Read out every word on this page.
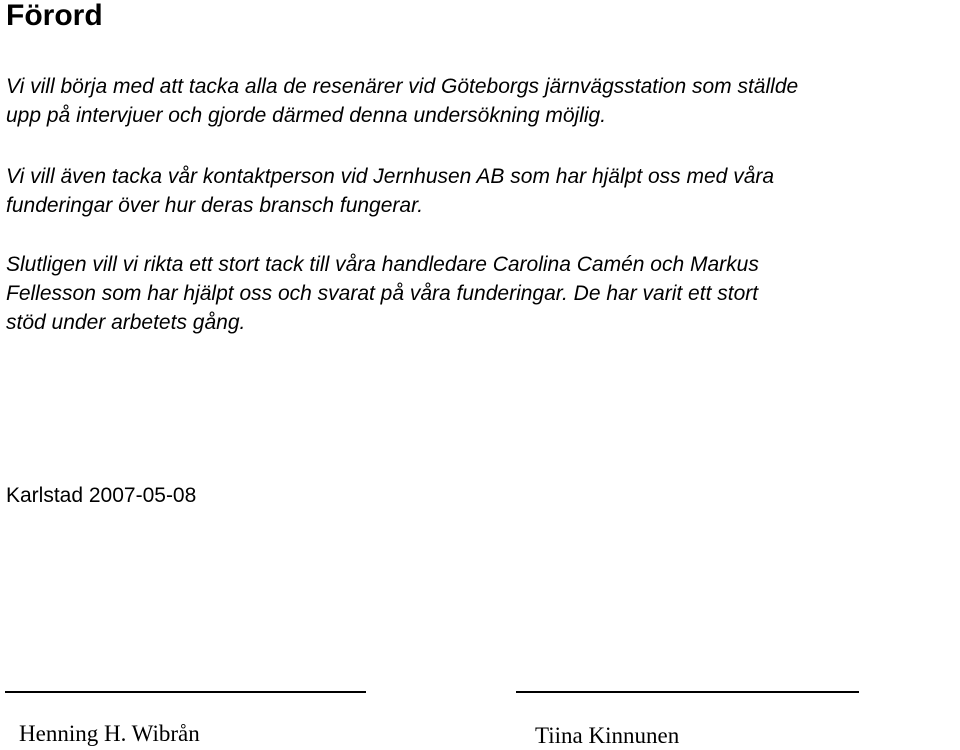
Förord

Vi vill börja med att tacka alla de resenärer vid Göteborgs järnvägsstation som ställde
upp på intervjuer och gjorde därmed denna undersökning möjlig.

Vi vill även tacka vår kontaktperson vid Jernhusen AB som har hjälpt oss med våra
funderingar över hur deras bransch fungerar.

Slutligen vill vi rikta ett stort tack till våra handledare Carolina Camén och Markus
Fellesson som har hjälpt oss och svarat på våra funderingar. De har varit ett stort
stöd under arbetets gång.

Karlstad 2007-05-08

Henning H. Wibrån	Tiina Kinnunen
